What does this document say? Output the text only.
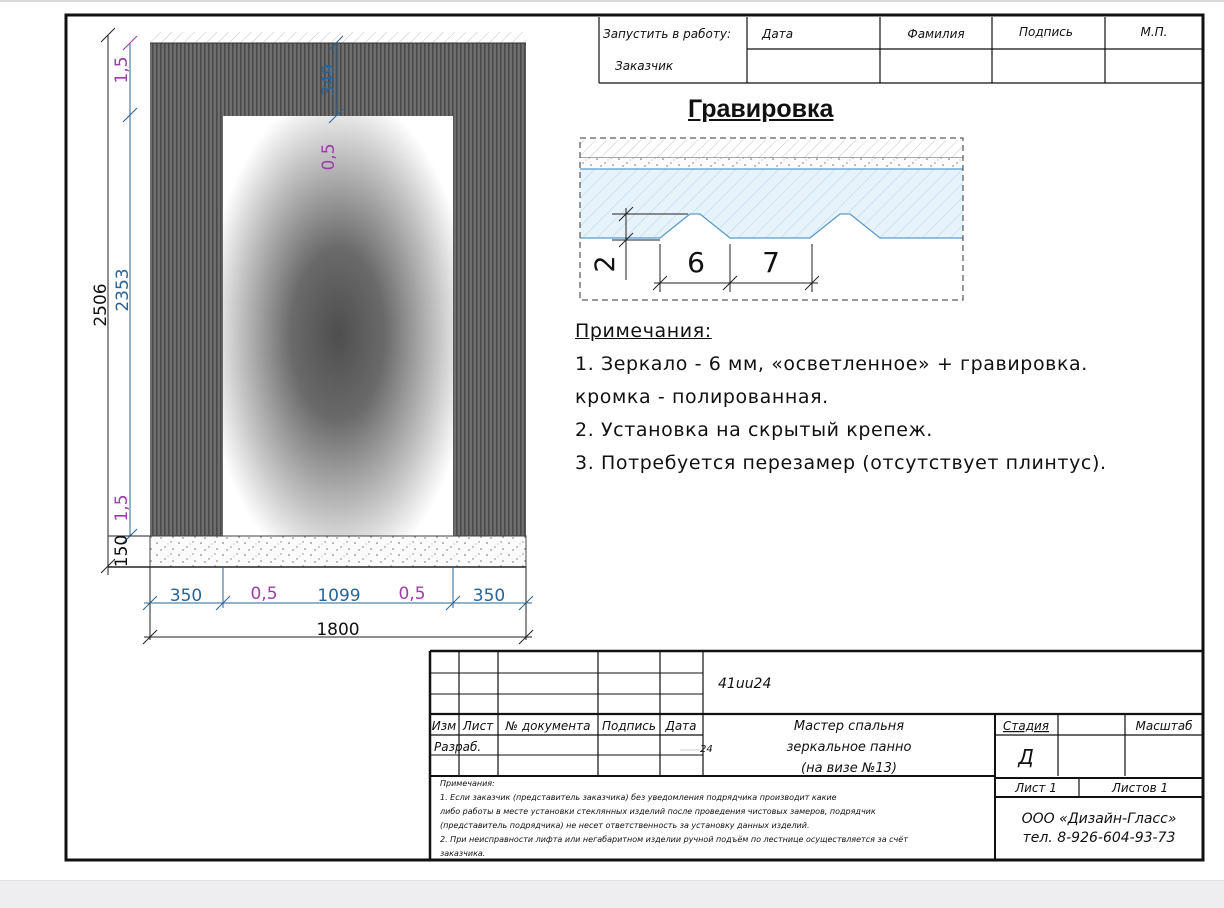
2506 2353
1,5	349
0,5
1,5
150
350	0,5 1099 0,5	350
1800
Запустить в работу:
Заказчик
Дата	Фамилия	Подпись	М.П.
2 6 7
41uu24
Изм Лист № документа Подпись Дата
Разраб.	24
Мастер спальня
зеркальное панно
(на визе №13)
Стадия	Масштаб
Д
Лист 1	Листов 1
ООО «Дизайн-Гласс»
тел. 8-926-604-93-73
Примечания:
1. Если заказчик (представитель заказчика) без уведомления подрядчика производит какие
либо работы в месте установки стеклянных изделий после проведения чистовых замеров, подрядчик
(представитель подрядчика) не несет ответственность за установку данных изделий.
2. При неисправности лифта или негабаритном изделии ручной подъём по лестнице осуществляется за счёт
заказчика.
Гравировка
Примечания:
1. Зеркало - 6 мм, «осветленное» + гравировка.
кромка - полированная.
2. Установка на скрытый крепеж.
3. Потребуется перезамер (отсутствует плинтус).
